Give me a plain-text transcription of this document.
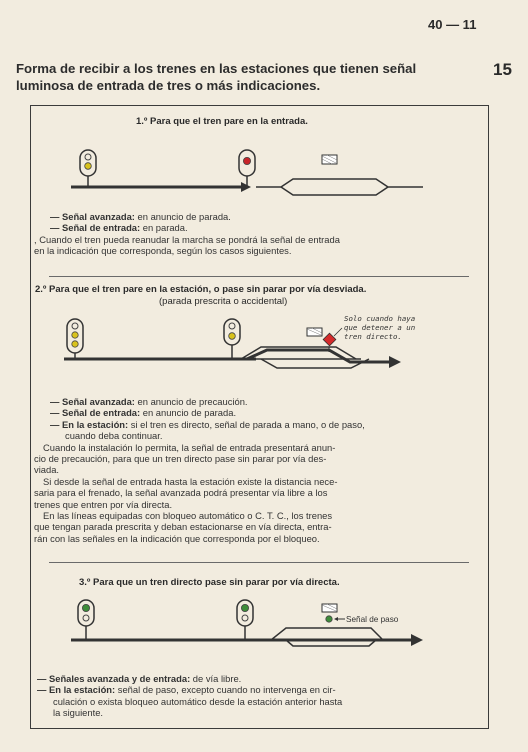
40 — 11
Forma de recibir a los trenes en las estaciones que tienen señal
luminosa de entrada de tres o más indicaciones.
15
1.º Para que el tren pare en la entrada.
Solo cuando haya
que detener a un
tren directo.
Señal de paso
— Señal avanzada: en anuncio de parada.
— Señal de entrada: en parada.
, Cuando el tren pueda reanudar la marcha se pondrá la señal de entrada
en la indicación que corresponda, según los casos siguientes.
2.º Para que el tren pare en la estación, o pase sin parar por vía desviada.
(parada prescrita o accidental)
— Señal avanzada: en anuncio de precaución.
— Señal de entrada: en anuncio de parada.
— En la estación: si el tren es directo, señal de parada a mano, o de paso,
cuando deba continuar.
Cuando la instalación lo permita, la señal de entrada presentará anun-
cio de precaución, para que un tren directo pase sin parar por vía des-
viada.
Si desde la señal de entrada hasta la estación existe la distancia nece-
saria para el frenado, la señal avanzada podrá presentar vía libre a los
trenes que entren por vía directa.
En las líneas equipadas con bloqueo automático o C. T. C., los trenes
que tengan parada prescrita y deban estacionarse en vía directa, entra-
rán con las señales en la indicación que corresponda por el bloqueo.
3.º Para que un tren directo pase sin parar por vía directa.
— Señales avanzada y de entrada: de vía libre.
— En la estación: señal de paso, excepto cuando no intervenga en cir-
culación o exista bloqueo automático desde la estación anterior hasta
la siguiente.
